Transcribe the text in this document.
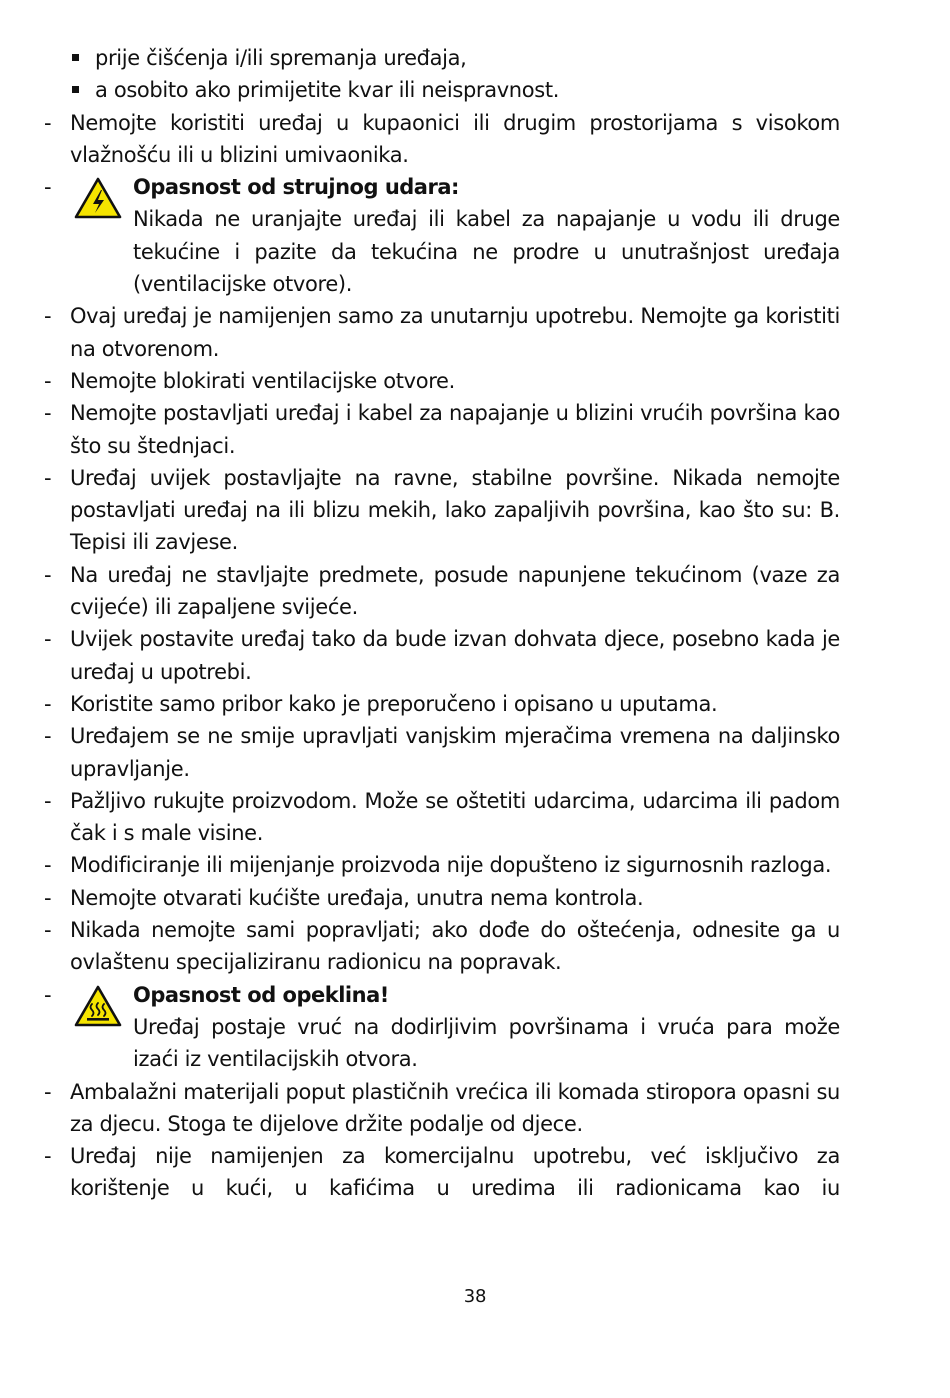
prije čišćenja i/ili spremanja uređaja,
a osobito ako primijetite kvar ili neispravnost.
- Nemojte koristiti uređaj u kupaonici ili drugim prostorijama s visokom vlažnošću ili u blizini umivaonika.
-	Opasnost od strujnog udara:
Nikada ne uranjajte uređaj ili kabel za napajanje u vodu ili druge tekućine i pazite da tekućina ne prodre u unutrašnjost uređaja (ventilacijske otvore).
- Ovaj uređaj je namijenjen samo za unutarnju upotrebu. Nemojte ga koristiti na otvorenom.
- Nemojte blokirati ventilacijske otvore.
- Nemojte postavljati uređaj i kabel za napajanje u blizini vrućih površina kao što su štednjaci.
- Uređaj uvijek postavljajte na ravne, stabilne površine. Nikada nemojte postavljati uređaj na ili blizu mekih, lako zapaljivih površina, kao što su: B. Tepisi ili zavjese.
- Na uređaj ne stavljajte predmete, posude napunjene tekućinom (vaze za cvijeće) ili zapaljene svijeće.
- Uvijek postavite uređaj tako da bude izvan dohvata djece, posebno kada je uređaj u upotrebi.
- Koristite samo pribor kako je preporučeno i opisano u uputama.
- Uređajem se ne smije upravljati vanjskim mjeračima vremena na daljinsko upravljanje.
- Pažljivo rukujte proizvodom. Može se oštetiti udarcima, udarcima ili padom čak i s male visine.
- Modificiranje ili mijenjanje proizvoda nije dopušteno iz sigurnosnih razloga.
- Nemojte otvarati kućište uređaja, unutra nema kontrola.
- Nikada nemojte sami popravljati; ako dođe do oštećenja, odnesite ga u ovlaštenu specijaliziranu radionicu na popravak.
-	Opasnost od opeklina!
Uređaj postaje vruć na dodirljivim površinama i vruća para može izaći iz ventilacijskih otvora.
- Ambalažni materijali poput plastičnih vrećica ili komada stiropora opasni su za djecu. Stoga te dijelove držite podalje od djece.
- Uređaj nije namijenjen za komercijalnu upotrebu, već isključivo za korištenje u kući, u kafićima u uredima ili radionicama kao iu
38
